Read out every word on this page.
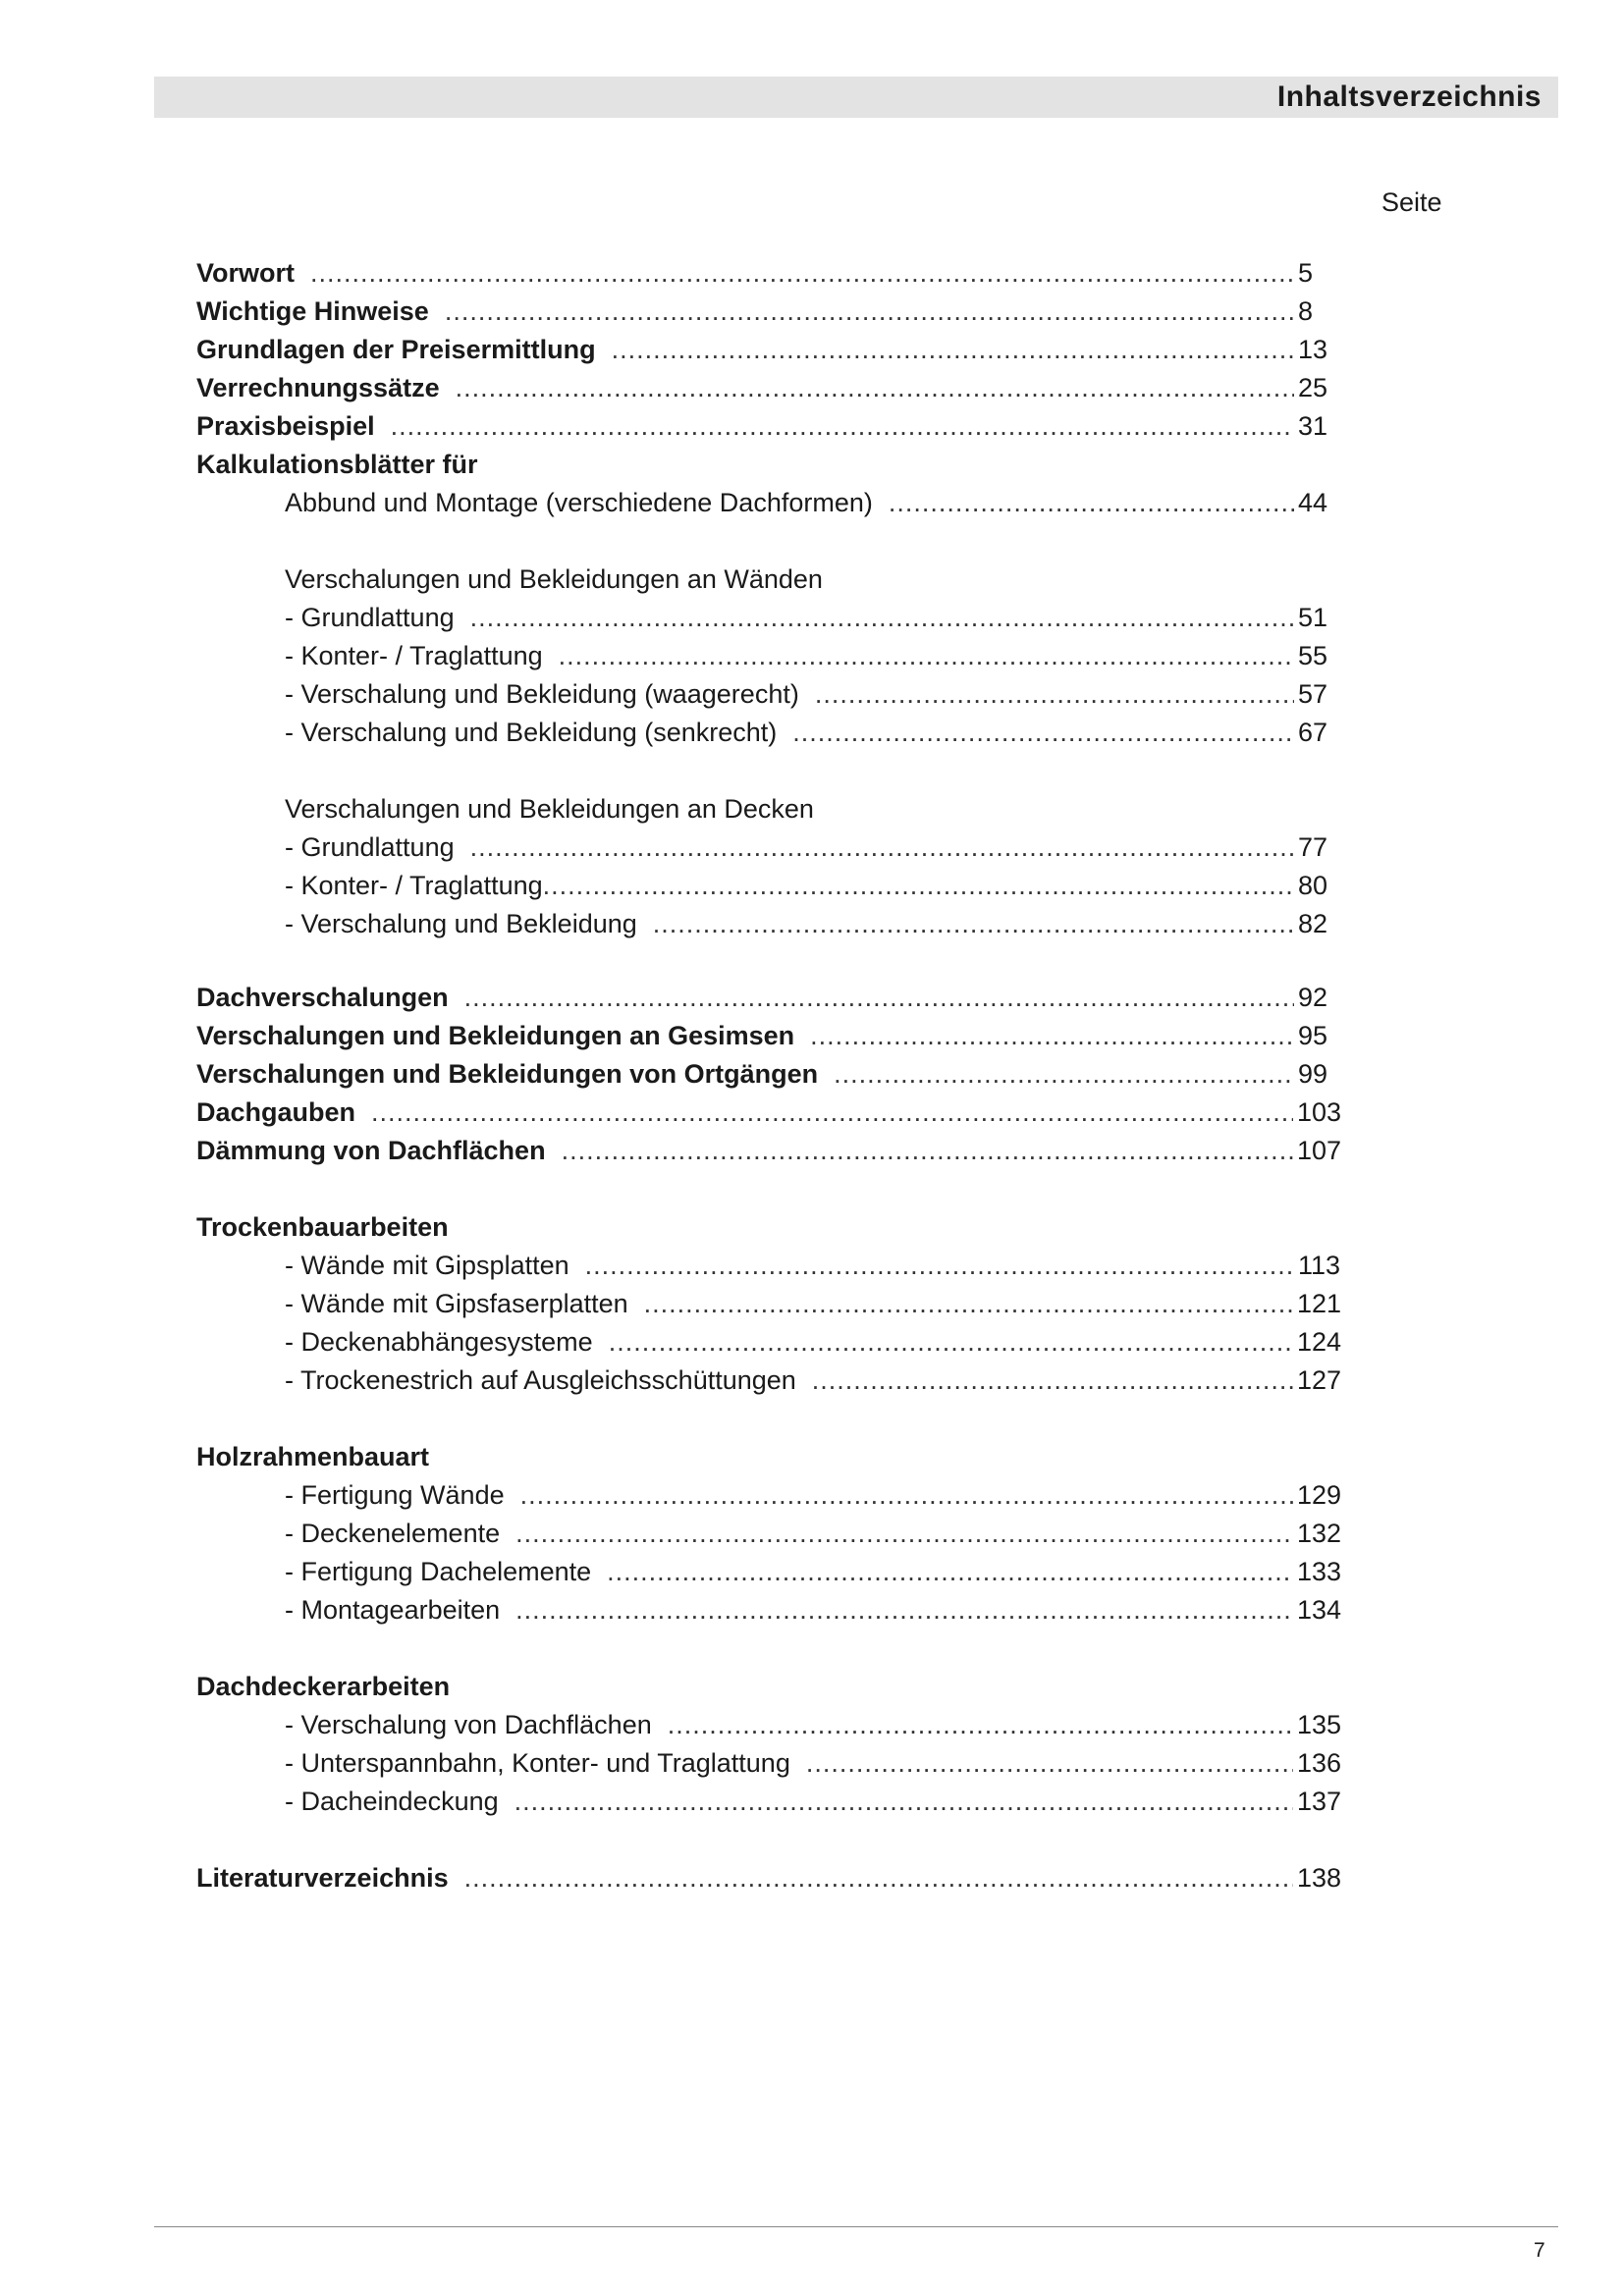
Inhaltsverzeichnis
Seite
Vorwort .....	5
Wichtige Hinweise .....	8
Grundlagen der Preisermittlung .....	13
Verrechnungssätze .....	25
Praxisbeispiel .....	31
Kalkulationsblätter für
Abbund und Montage (verschiedene Dachformen) .....	44
Verschalungen und Bekleidungen an Wänden
- Grundlattung .....	51
- Konter- / Traglattung .....	55
- Verschalung und Bekleidung (waagerecht) .....	57
- Verschalung und Bekleidung (senkrecht) .....	67
Verschalungen und Bekleidungen an Decken
- Grundlattung .....	77
- Konter- / Traglattung .....	80
- Verschalung und Bekleidung .....	82
Dachverschalungen .....	92
Verschalungen und Bekleidungen an Gesimsen .....	95
Verschalungen und Bekleidungen von Ortgängen .....	99
Dachgauben .....	103
Dämmung von Dachflächen .....	107
Trockenbauarbeiten
- Wände mit Gipsplatten .....	113
- Wände mit Gipsfaserplatten .....	121
- Deckenabhängesysteme .....	124
- Trockenestrich auf Ausgleichsschüttungen .....	127
Holzrahmenbauart
- Fertigung Wände .....	129
- Deckenelemente .....	132
- Fertigung Dachelemente .....	133
- Montagearbeiten .....	134
Dachdeckerarbeiten
- Verschalung von Dachflächen .....	135
- Unterspannbahn, Konter- und Traglattung .....	136
- Dacheindeckung .....	137
Literaturverzeichnis .....	138
7
